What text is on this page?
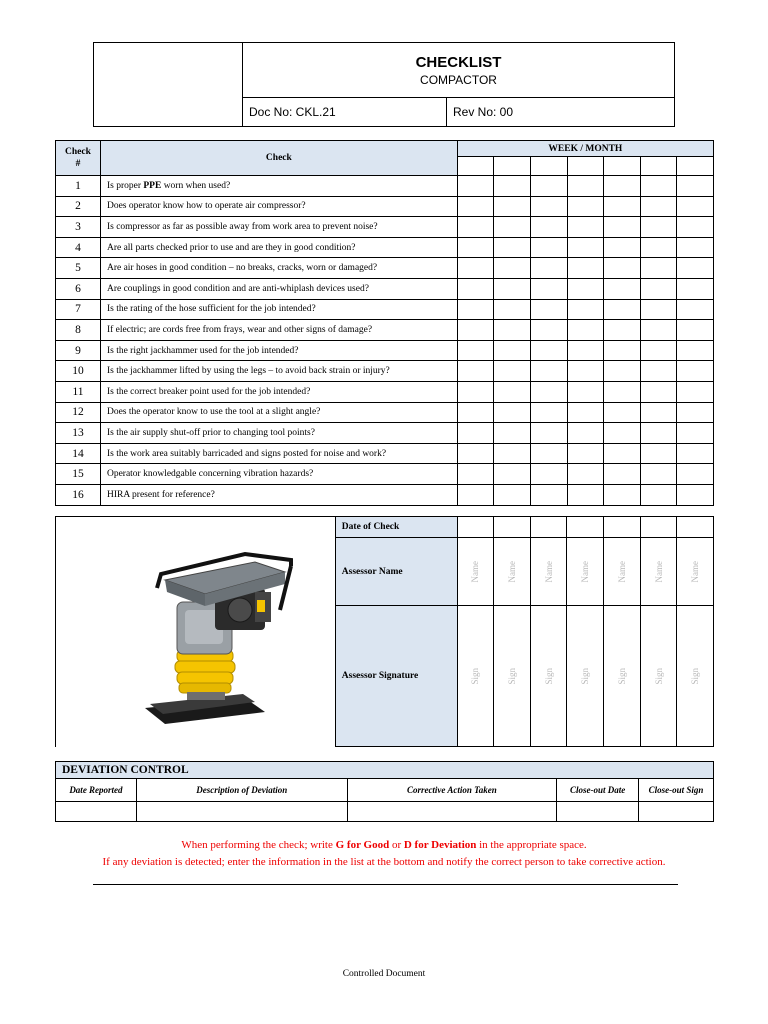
	CHECKLIST
COMPACTOR	

	Doc No: CKL.21	Rev No: 00
Check #	Check	WEEK / MONTH						

1	Is proper PPE worn when used?							
2	Does operator know how to operate air compressor?							
3	Is compressor as far as possible away from work area to prevent noise?							
4	Are all parts checked prior to use and are they in good condition?							
5	Are air hoses in good condition – no breaks, cracks, worn or damaged?							
6	Are couplings in good condition and are anti-whiplash devices used?							
7	Is the rating of the hose sufficient for the job intended?							
8	If electric; are cords free from frays, wear and other signs of damage?							
9	Is the right jackhammer used for the job intended?							
10	Is the jackhammer lifted by using the legs – to avoid back strain or injury?							
11	Is the correct breaker point used for the job intended?							
12	Does the operator know to use the tool at a slight angle?							
13	Is the air supply shut-off prior to changing tool points?							
14	Is the work area suitably barricaded and signs posted for noise and work?							
15	Operator knowledgable concerning vibration hazards?							
16	HIRA present for reference?							
	Date of Check							
	Assessor Name	Name	Name	Name	Name	Name	Name	Name

	Assessor Signature	Sign	Sign	Sign	Sign	Sign	Sign	Sign
DEVIATION CONTROL				
Date Reported	Description of Deviation	Corrective Action Taken	Close-out Date	Close-out Sign

When performing the check; write G for Good or D for Deviation in the appropriate space.
If any deviation is detected; enter the information in the list at the bottom and notify the correct person to take corrective action.
Controlled Document
